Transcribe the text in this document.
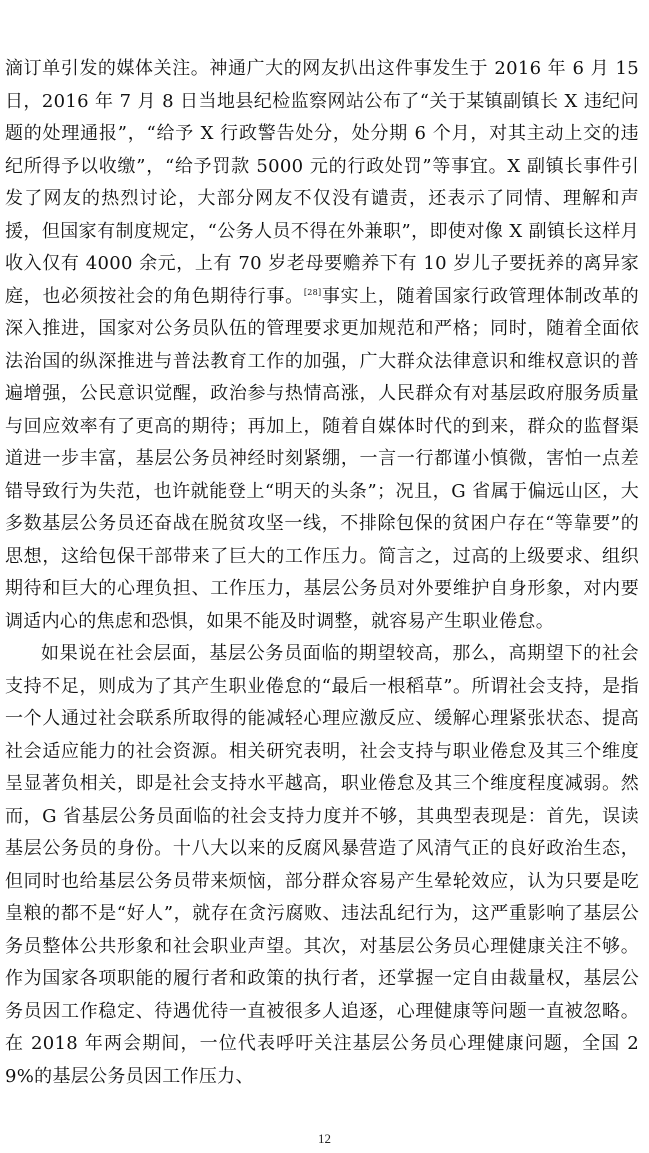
滴订单引发的媒体关注。神通广大的网友扒出这件事发生于 2016 年 6 月 15 日，2016 年 7 月 8 日当地县纪检监察网站公布了“关于某镇副镇长 X 违纪问题的处理通报”，“给予 X 行政警告处分，处分期 6 个月，对其主动上交的违纪所得予以收缴”，“给予罚款 5000 元的行政处罚”等事宜。X 副镇长事件引发了网友的热烈讨论，大部分网友不仅没有谴责，还表示了同情、理解和声援，但国家有制度规定，“公务人员不得在外兼职”，即使对像 X 副镇长这样月收入仅有 4000 余元，上有 70 岁老母要赡养下有 10 岁儿子要抚养的离异家庭，也必须按社会的角色期待行事。[28]事实上，随着国家行政管理体制改革的深入推进，国家对公务员队伍的管理要求更加规范和严格；同时，随着全面依法治国的纵深推进与普法教育工作的加强，广大群众法律意识和维权意识的普遍增强，公民意识觉醒，政治参与热情高涨，人民群众有对基层政府服务质量与回应效率有了更高的期待；再加上，随着自媒体时代的到来，群众的监督渠道进一步丰富，基层公务员神经时刻紧绷，一言一行都谨小慎微，害怕一点差错导致行为失范，也许就能登上“明天的头条”；况且，G 省属于偏远山区，大多数基层公务员还奋战在脱贫攻坚一线，不排除包保的贫困户存在“等靠要”的思想，这给包保干部带来了巨大的工作压力。简言之，过高的上级要求、组织期待和巨大的心理负担、工作压力，基层公务员对外要维护自身形象，对内要调适内心的焦虑和恐惧，如果不能及时调整，就容易产生职业倦怠。

如果说在社会层面，基层公务员面临的期望较高，那么，高期望下的社会支持不足，则成为了其产生职业倦怠的“最后一根稻草”。所谓社会支持，是指一个人通过社会联系所取得的能减轻心理应激反应、缓解心理紧张状态、提高社会适应能力的社会资源。相关研究表明，社会支持与职业倦怠及其三个维度呈显著负相关，即是社会支持水平越高，职业倦怠及其三个维度程度减弱。然而，G 省基层公务员面临的社会支持力度并不够，其典型表现是：首先，误读基层公务员的身份。十八大以来的反腐风暴营造了风清气正的良好政治生态，但同时也给基层公务员带来烦恼，部分群众容易产生晕轮效应，认为只要是吃皇粮的都不是“好人”，就存在贪污腐败、违法乱纪行为，这严重影响了基层公务员整体公共形象和社会职业声望。其次，对基层公务员心理健康关注不够。作为国家各项职能的履行者和政策的执行者，还掌握一定自由裁量权，基层公务员因工作稳定、待遇优待一直被很多人追逐，心理健康等问题一直被忽略。在 2018 年两会期间，一位代表呼吁关注基层公务员心理健康问题，全国 29%的基层公务员因工作压力、

12
